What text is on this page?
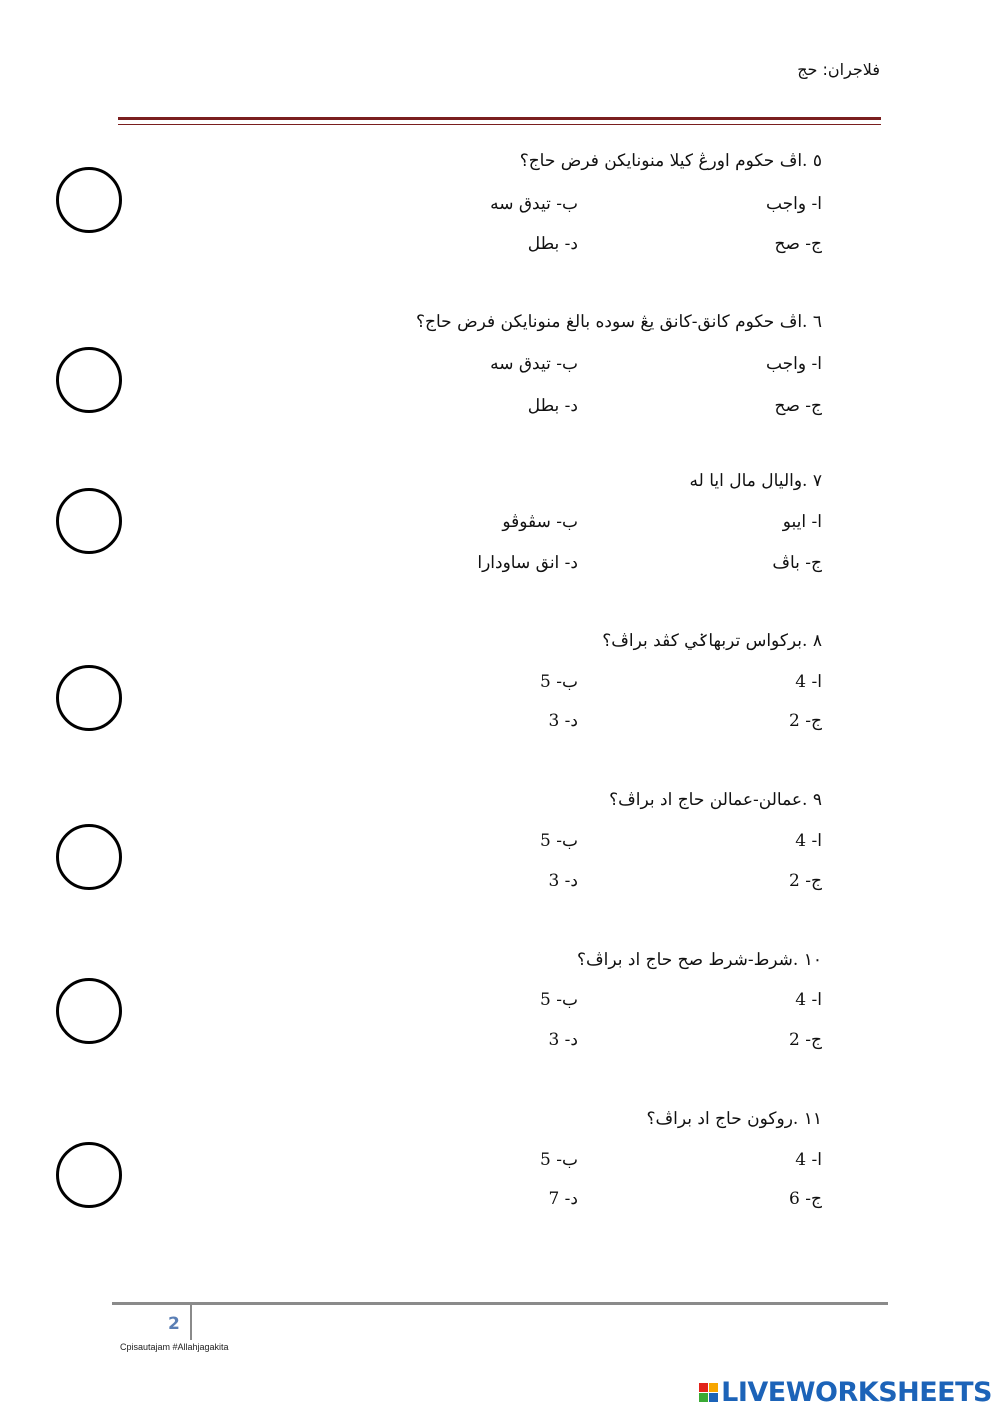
فلاجران: حج
٥ .اڤ حكوم اورڠ كيلا منونايكن فرض حاج؟
ا- واجب
ب- تيدق سه
ج- صح
د- بطل
٦ .اڤ حكوم كانق-كانق يڠ سوده بالغ منونايكن فرض حاج؟
ا- واجب
ب- تيدق سه
ج- صح
د- بطل
٧ .واليال مال ايا له
ا- ايبو
ب- سڤوڤو
ج- باڤ
د- انق ساودارا
٨ .برکواس تربهاݢي کڤد براڤ؟
ا- 4
ب- 5
ج- 2
د- 3
٩ .عمالن-عمالن حاج اد براڤ؟
ا- 4
ب- 5
ج- 2
د- 3
١٠ .شرط-شرط صح حاج اد براڤ؟
ا- 4
ب- 5
ج- 2
د- 3
١١ .روکون حاج اد براڤ؟
ا- 4
ب- 5
ج- 6
د- 7
2
Cpisautajam #Allahjagakita
LIVEWORKSHEETS
